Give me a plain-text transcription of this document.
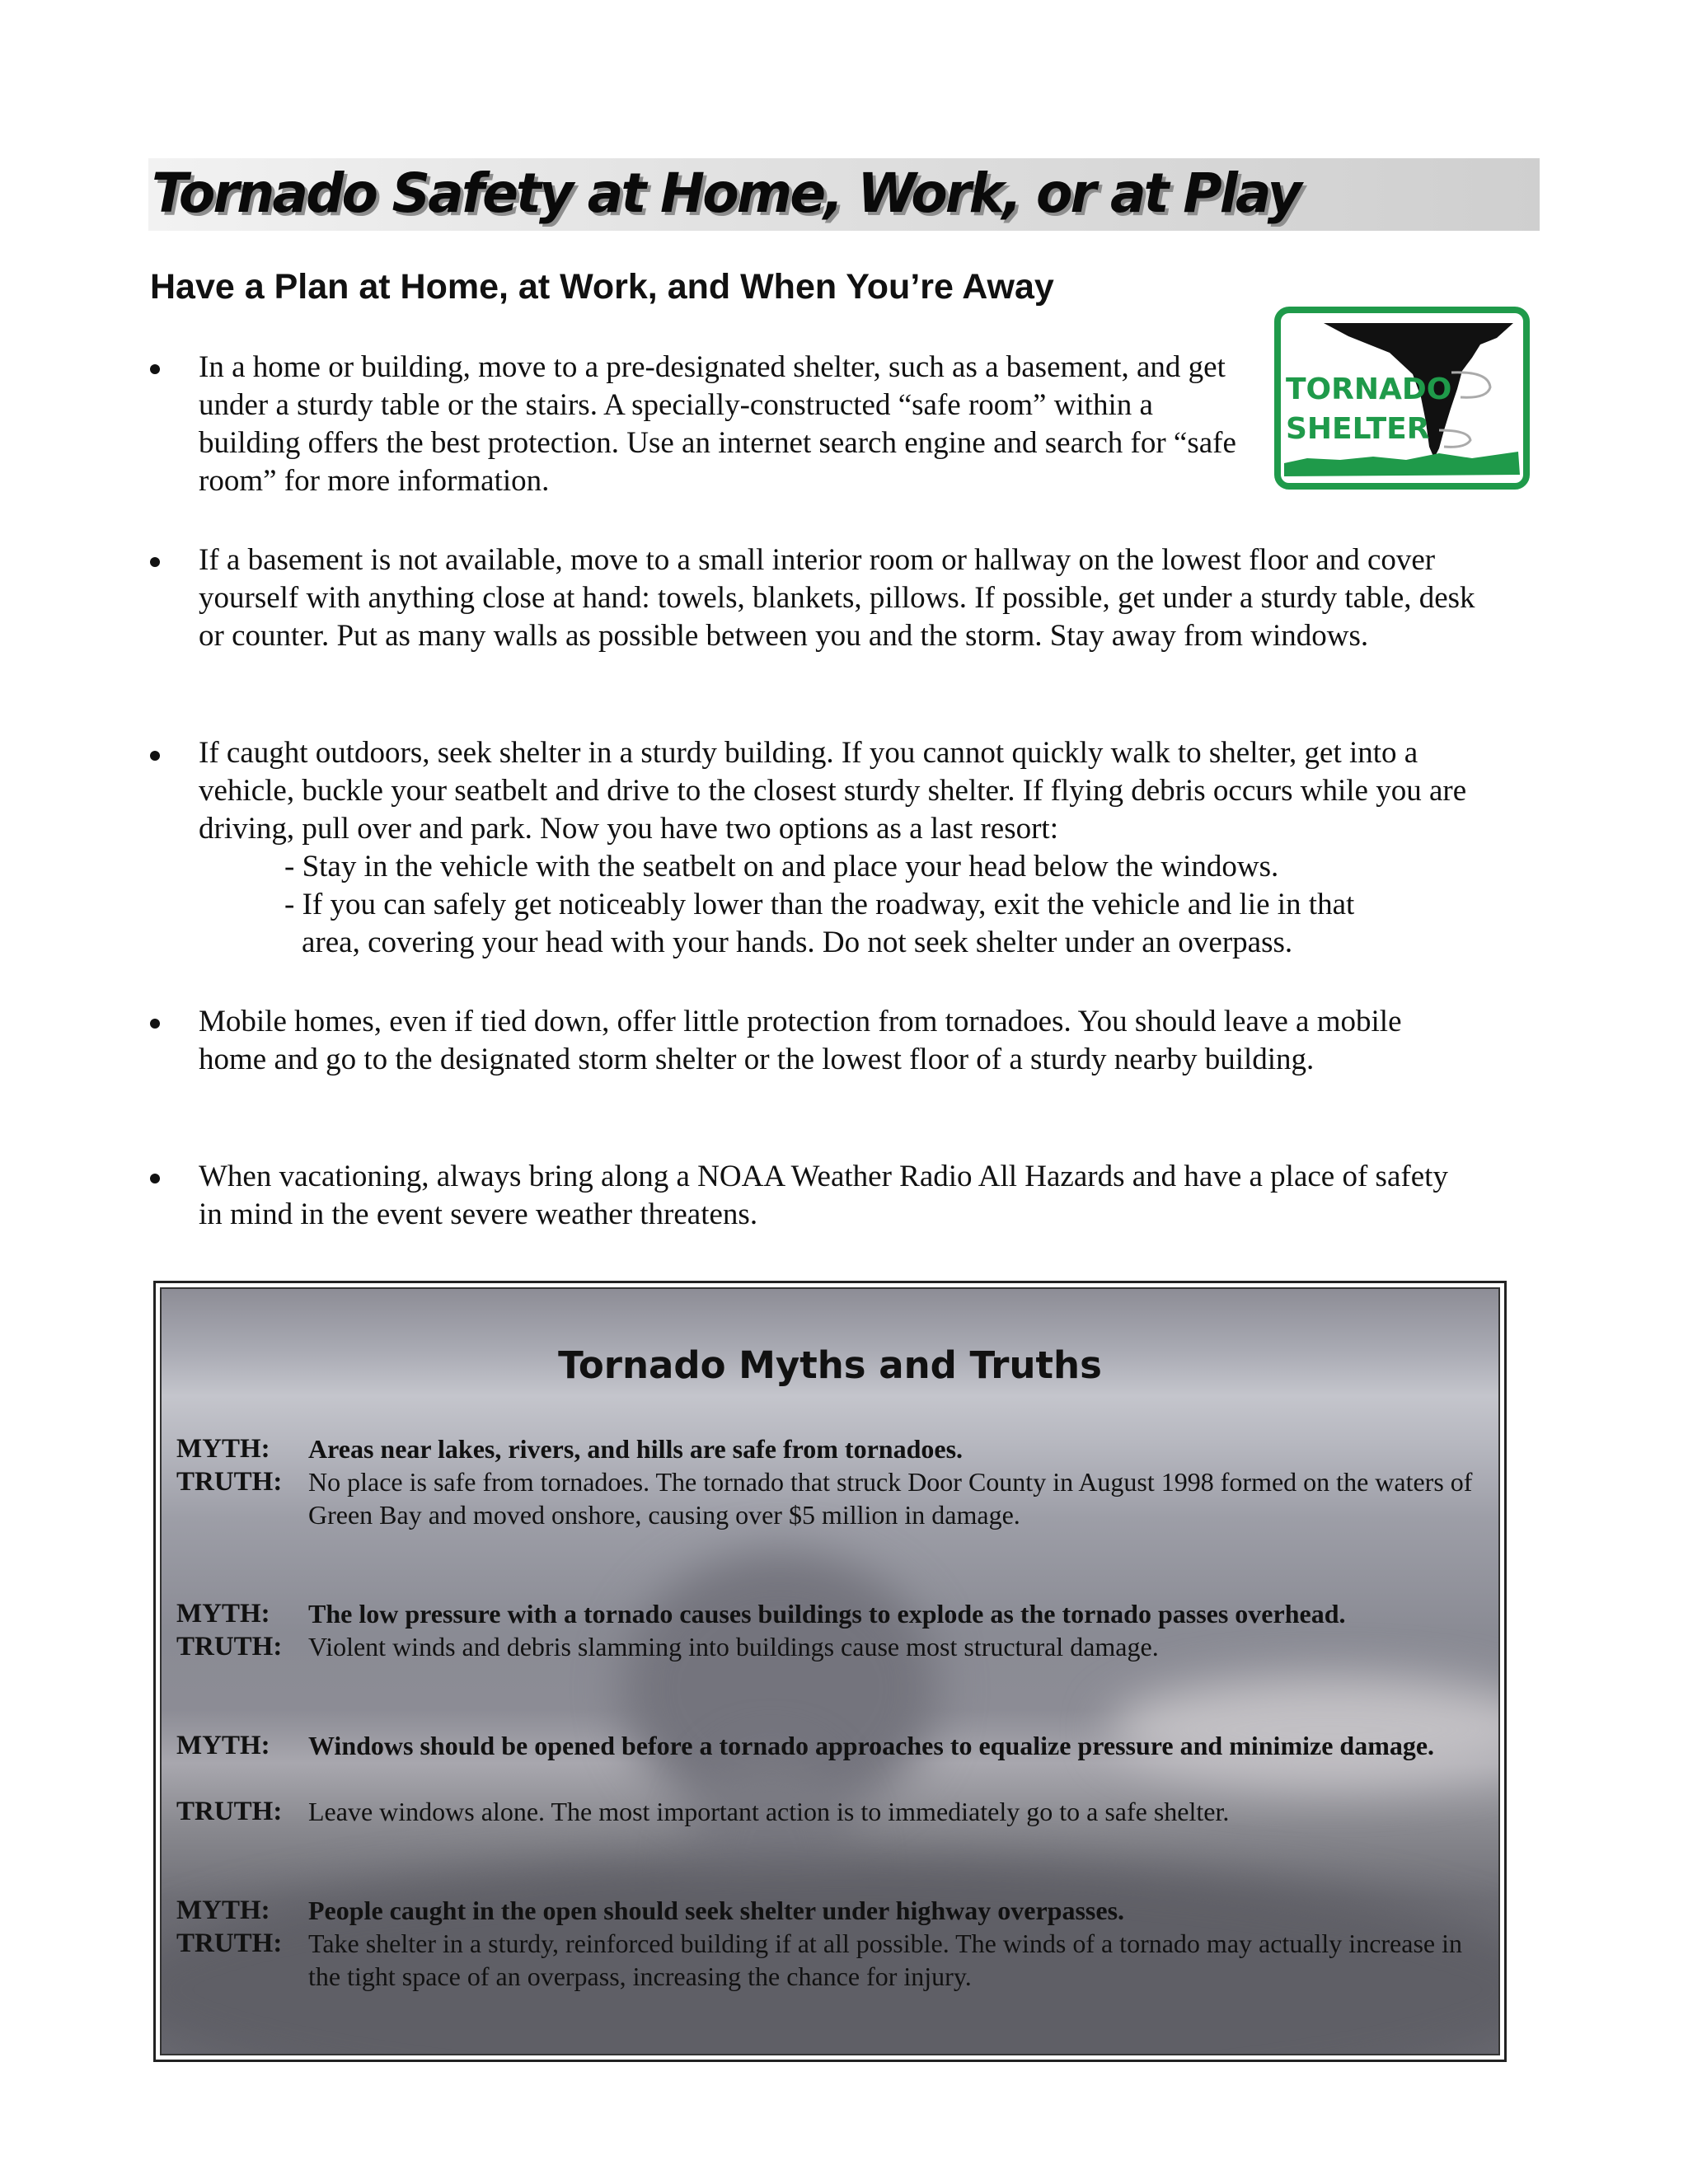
Tornado Safety at Home, Work, or at Play
Have a Plan at Home, at Work, and When You’re Away
TORNADO
SHELTER

In a home or building, move to a pre-designated shelter, such as a basement, and get under a sturdy table or the stairs. A specially-constructed “safe room” within a building offers the best protection. Use an internet search engine and search for “safe room” for more information.

If a basement is not available, move to a small interior room or hallway on the lowest floor and cover yourself with anything close at hand: towels, blankets, pillows. If possible, get under a sturdy table, desk or counter. Put as many walls as possible between you and the storm. Stay away from windows.

If caught outdoors, seek shelter in a sturdy building. If you cannot quickly walk to shelter, get into a vehicle, buckle your seatbelt and drive to the closest sturdy shelter. If flying debris occurs while you are driving, pull over and park. Now you have two options as a last resort:

- Stay in the vehicle with the seatbelt on and place your head below the windows.

- If you can safely get noticeably lower than the roadway, exit the vehicle and lie in that

area, covering your head with your hands. Do not seek shelter under an overpass.

Mobile homes, even if tied down, offer little protection from tornadoes. You should leave a mobile home and go to the designated storm shelter or the lowest floor of a sturdy nearby building.

When vacationing, always bring along a NOAA Weather Radio All Hazards and have a place of safety in mind in the event severe weather threatens.

Tornado Myths and Truths

MYTH: Areas near lakes, rivers, and hills are safe from tornadoes.

TRUTH: No place is safe from tornadoes. The tornado that struck Door County in August 1998 formed on the waters of Green Bay and moved onshore, causing over $5 million in damage.

MYTH: The low pressure with a tornado causes buildings to explode as the tornado passes overhead.

TRUTH: Violent winds and debris slamming into buildings cause most structural damage.

MYTH: Windows should be opened before a tornado approaches to equalize pressure and minimize damage.

TRUTH: Leave windows alone. The most important action is to immediately go to a safe shelter.

MYTH: People caught in the open should seek shelter under highway overpasses.

TRUTH: Take shelter in a sturdy, reinforced building if at all possible. The winds of a tornado may actually increase in the tight space of an overpass, increasing the chance for injury.
